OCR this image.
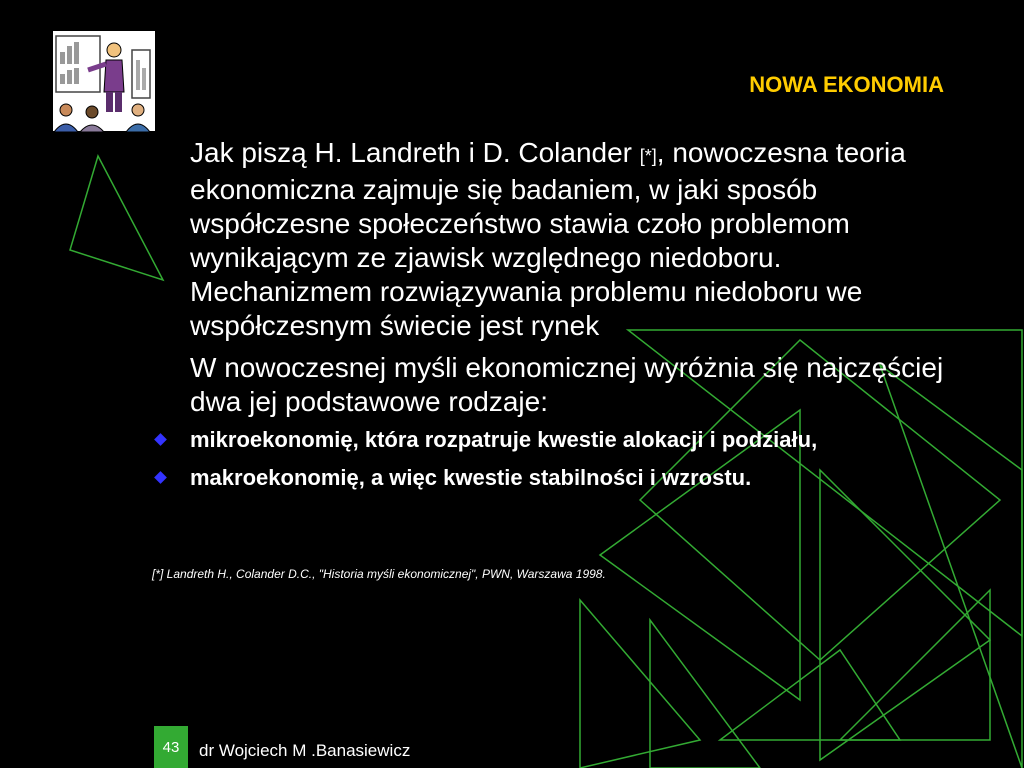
NOWA EKONOMIA

Jak piszą H. Landreth i D. Colander [*], nowoczesna teoria ekonomiczna zajmuje się badaniem, w jaki sposób współczesne społeczeństwo stawia czoło problemom wynikającym ze zjawisk względnego niedoboru. Mechanizmem rozwiązywania problemu niedoboru we współczesnym świecie jest rynek

W nowoczesnej myśli ekonomicznej wyróżnia się najczęściej dwa jej podstawowe rodzaje:

mikroekonomię, która rozpatruje kwestie alokacji i podziału,
makroekonomię, a więc kwestie stabilności i wzrostu.
[*] Landreth H., Colander D.C., "Historia myśli ekonomicznej", PWN, Warszawa 1998.
43	dr Wojciech M .Banasiewicz
